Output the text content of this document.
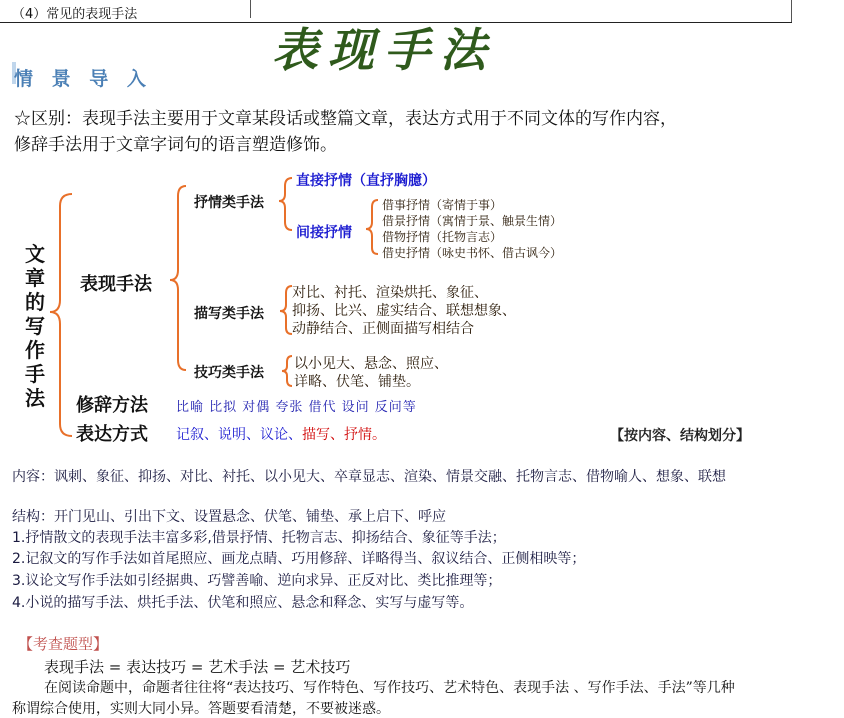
（4）常见的表现手法
表现手法
情 景 导 入
☆区别：表现手法主要用于文章某段话或整篇文章，表达方式用于不同文体的写作内容，
修辞手法用于文章字词句的语言塑造修饰。
文章的写作手法
表现手法
修辞方法
表达方式
抒情类手法
直接抒情（直抒胸臆）
间接抒情
借事抒情（寄情于事）
借景抒情（寓情于景、触景生情）
借物抒情（托物言志）
借史抒情（咏史书怀、借古讽今）
描写类手法
对比、衬托、渲染烘托、象征、
抑扬、比兴、虚实结合、联想想象、
动静结合、正侧面描写相结合
技巧类手法
以小见大、悬念、照应、
详略、伏笔、铺垫。
比喻 比拟 对偶 夸张 借代 设问 反问等
记叙、说明、议论、描写、抒情。	【按内容、结构划分】
内容：讽刺、象征、抑扬、对比、衬托、以小见大、卒章显志、渲染、情景交融、托物言志、借物喻人、想象、联想
结构：开门见山、引出下文、设置悬念、伏笔、铺垫、承上启下、呼应
1.抒情散文的表现手法丰富多彩,借景抒情、托物言志、抑扬结合、象征等手法；
2.记叙文的写作手法如首尾照应、画龙点睛、巧用修辞、详略得当、叙议结合、正侧相映等；
3.议论文写作手法如引经据典、巧譬善喻、逆向求异、正反对比、类比推理等；
4.小说的描写手法、烘托手法、伏笔和照应、悬念和释念、实写与虚写等。
【考查题型】
表现手法 = 表达技巧 = 艺术手法 = 艺术技巧
在阅读命题中，命题者往往将“表达技巧、写作特色、写作技巧、艺术特色、表现手法 、写作手法、手法”等几种
称谓综合使用，实则大同小异。答题要看清楚，不要被迷惑。
